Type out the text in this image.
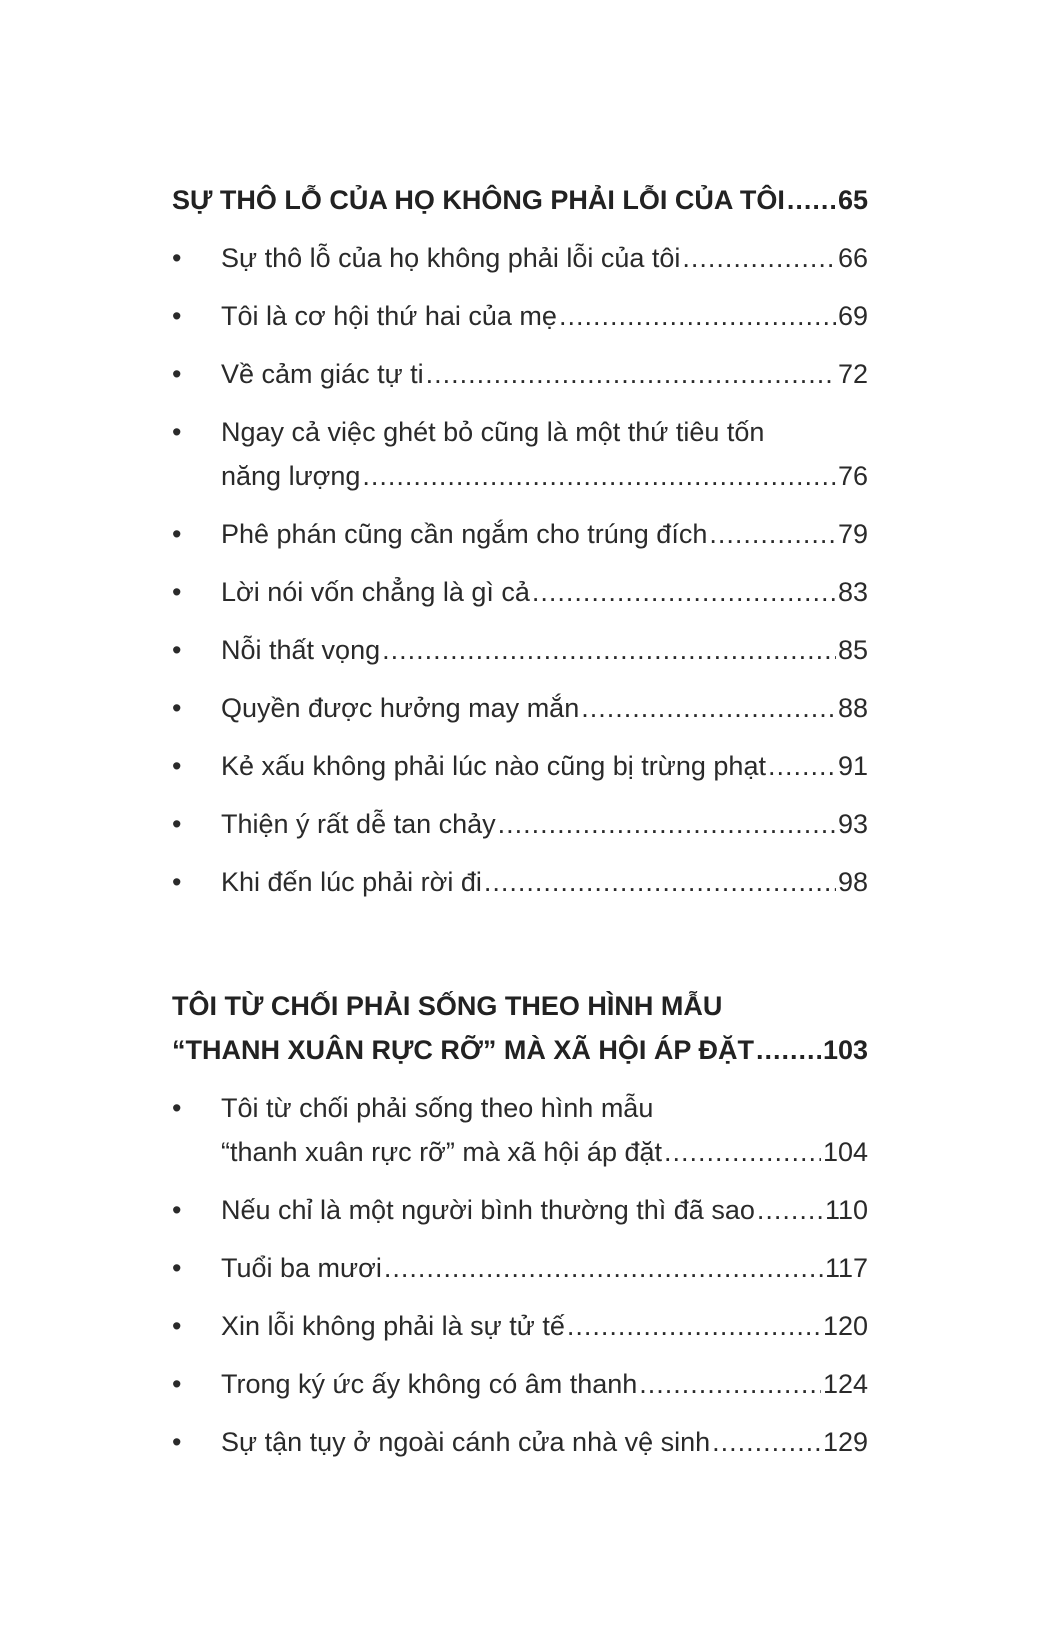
SỰ THÔ LỖ CỦA HỌ KHÔNG PHẢI LỖI CỦA TÔI ..... 65
• Sự thô lỗ của họ không phải lỗi của tôi .....	66
• Tôi là cơ hội thứ hai của mẹ .....	69
• Về cảm giác tự ti .....	72
• Ngay cả việc ghét bỏ cũng là một thứ tiêu tốn
năng lượng .....	76
• Phê phán cũng cần ngắm cho trúng đích .....	79
• Lời nói vốn chẳng là gì cả .....	83
• Nỗi thất vọng .....	85
• Quyền được hưởng may mắn .....	88
• Kẻ xấu không phải lúc nào cũng bị trừng phạt .....	91
• Thiện ý rất dễ tan chảy .....	93
• Khi đến lúc phải rời đi .....	98
TÔI TỪ CHỐI PHẢI SỐNG THEO HÌNH MẪU
“THANH XUÂN RỰC RỠ” MÀ XÃ HỘI ÁP ĐẶT .....	103
• Tôi từ chối phải sống theo hình mẫu
“thanh xuân rực rỡ” mà xã hội áp đặt .....	104
• Nếu chỉ là một người bình thường thì đã sao .....	110
• Tuổi ba mươi .....	117
• Xin lỗi không phải là sự tử tế .....	120
• Trong ký ức ấy không có âm thanh .....	124
• Sự tận tụy ở ngoài cánh cửa nhà vệ sinh .....	129
